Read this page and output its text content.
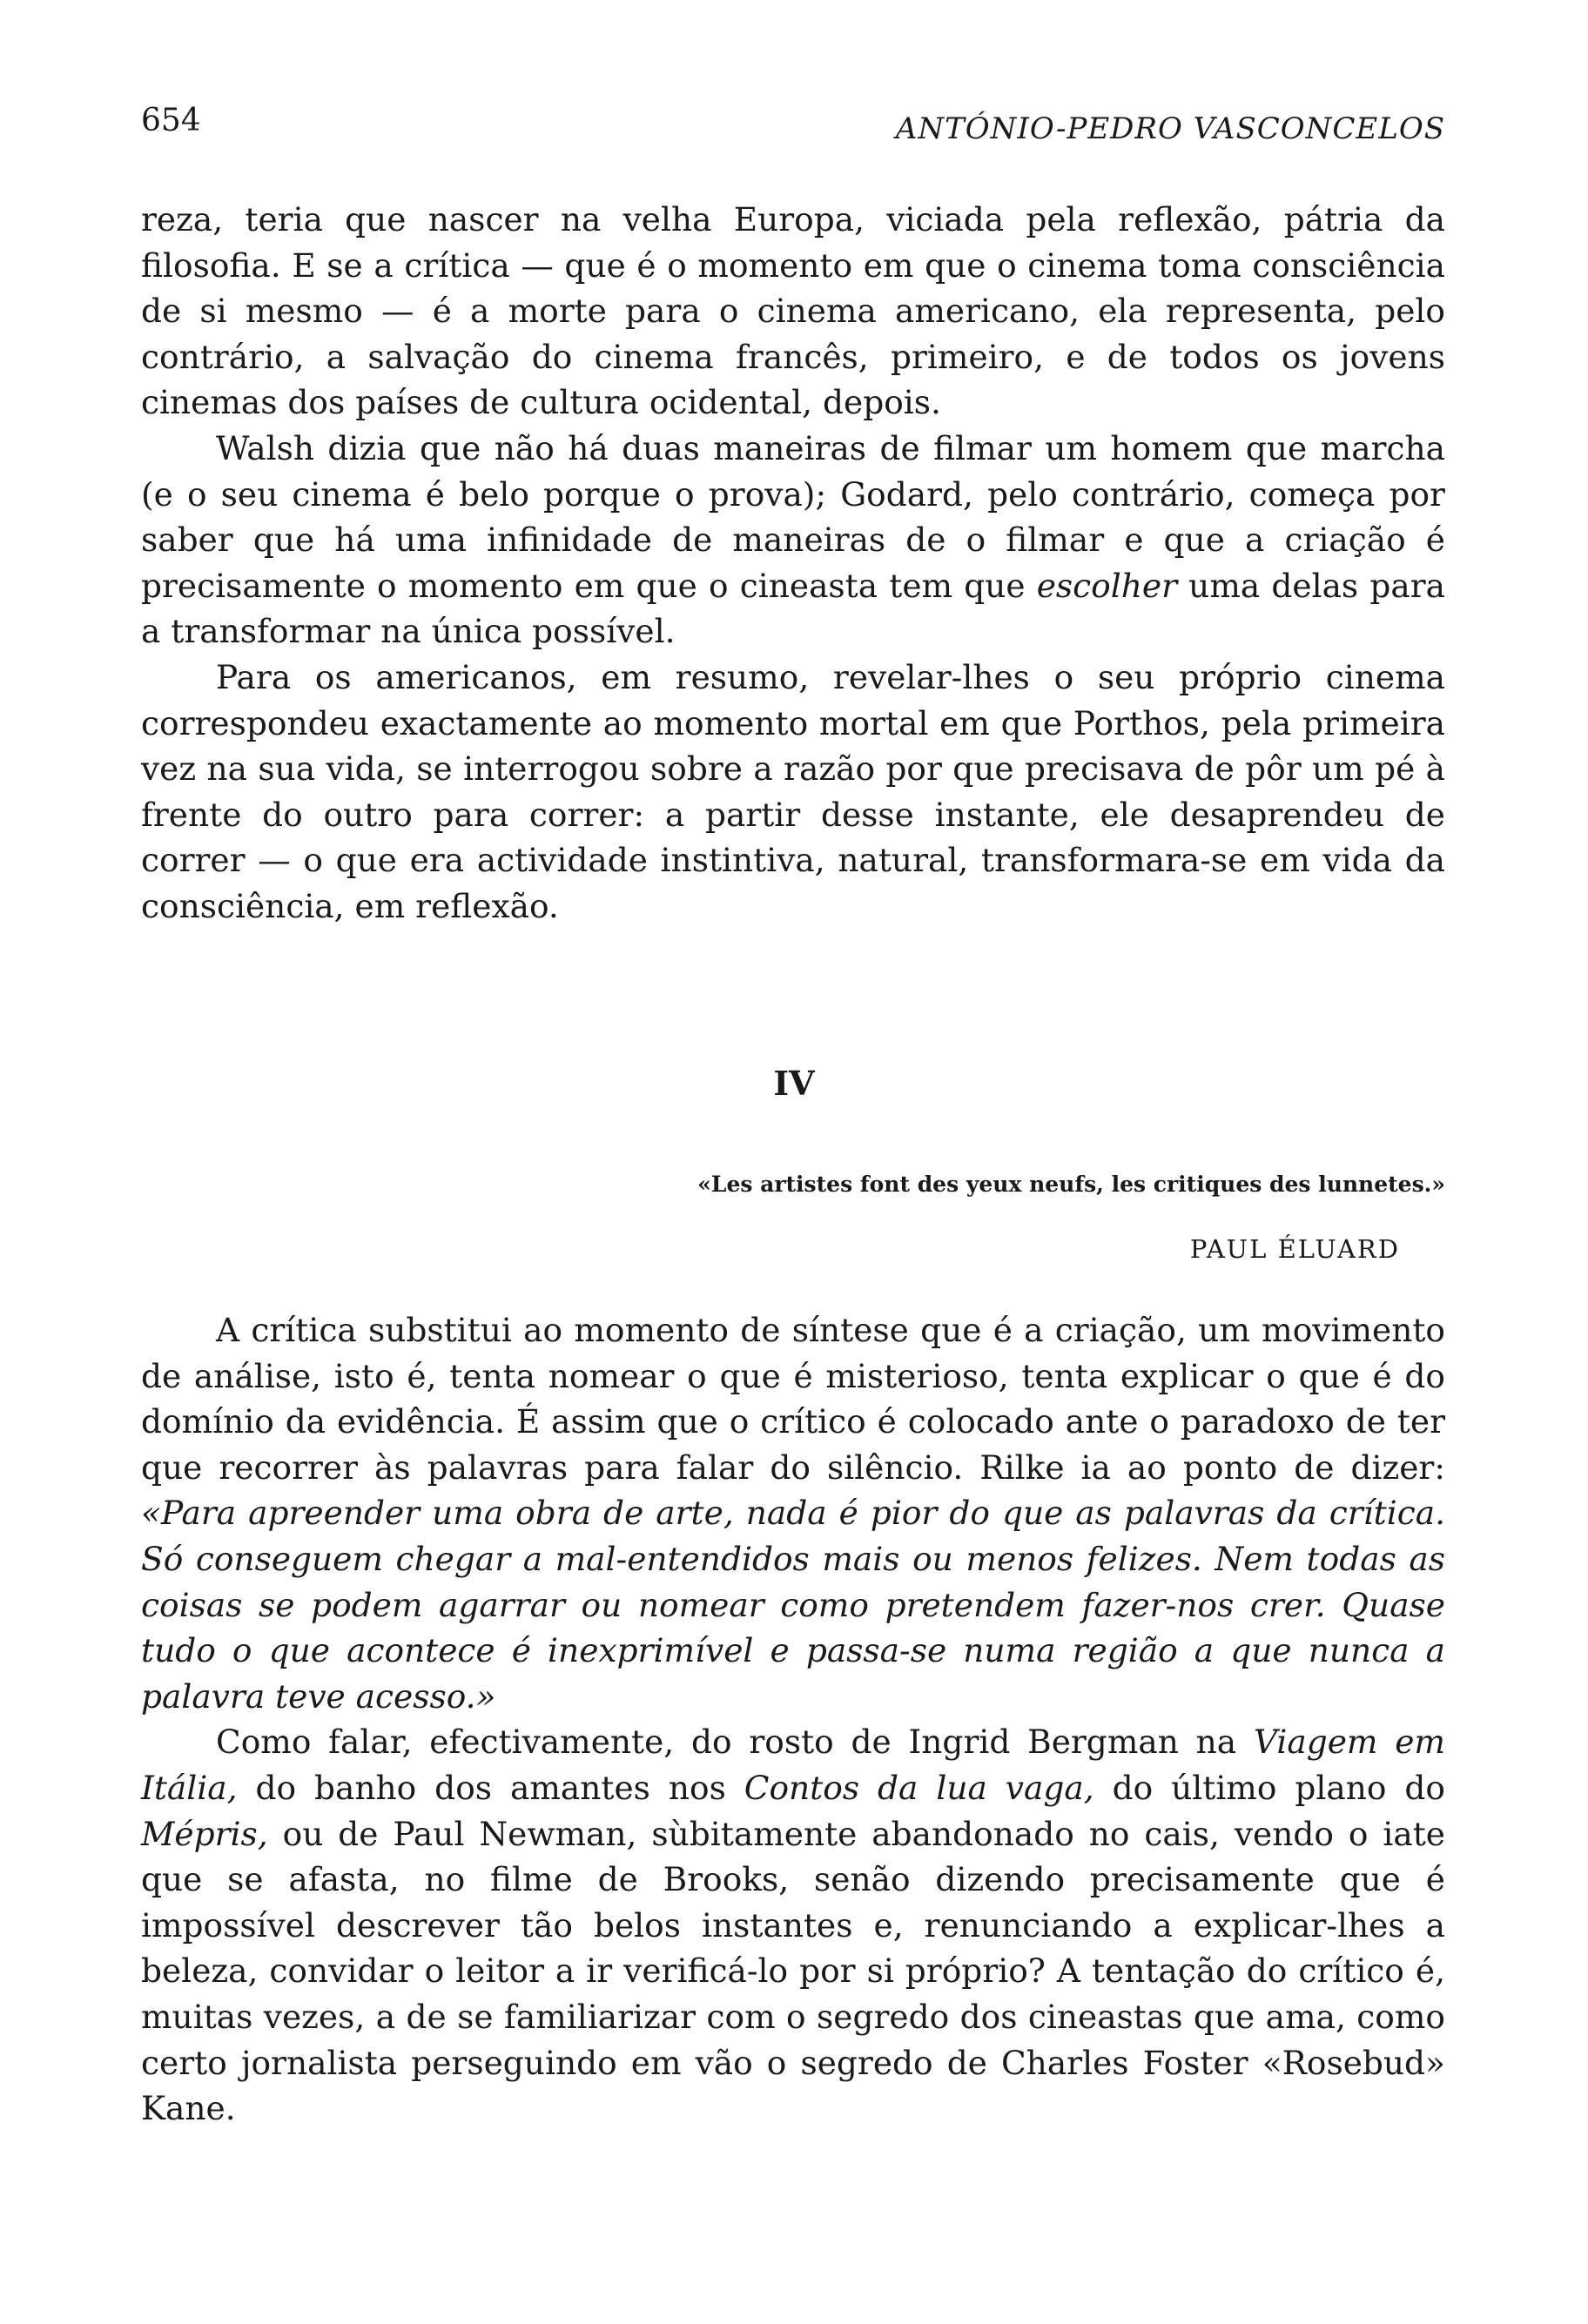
654	ANTÓNIO-PEDRO VASCONCELOS

reza, teria que nascer na velha Europa, viciada pela reflexão, pátria da filosofia. E se a crítica — que é o momento em que o cinema toma consciência de si mesmo — é a morte para o cinema americano, ela representa, pelo contrário, a salvação do cinema francês, primeiro, e de todos os jovens cinemas dos países de cultura ocidental, depois.

Walsh dizia que não há duas maneiras de filmar um homem que marcha (e o seu cinema é belo porque o prova); Godard, pelo contrário, começa por saber que há uma infinidade de maneiras de o filmar e que a criação é precisamente o momento em que o cineasta tem que escolher uma delas para a transformar na única possível.

Para os americanos, em resumo, revelar-lhes o seu próprio cinema correspondeu exactamente ao momento mortal em que Porthos, pela primeira vez na sua vida, se interrogou sobre a razão por que precisava de pôr um pé à frente do outro para correr: a partir desse instante, ele desaprendeu de correr — o que era actividade instintiva, natural, transformara-se em vida da consciência, em reflexão.

IV
«Les artistes font des yeux neufs, les critiques des lunnetes.»
PAUL ÉLUARD

A crítica substitui ao momento de síntese que é a criação, um movimento de análise, isto é, tenta nomear o que é misterioso, tenta explicar o que é do domínio da evidência. É assim que o crítico é colocado ante o paradoxo de ter que recorrer às palavras para falar do silêncio. Rilke ia ao ponto de dizer: «Para apreender uma obra de arte, nada é pior do que as palavras da crítica. Só conseguem chegar a mal-entendidos mais ou menos felizes. Nem todas as coisas se podem agarrar ou nomear como pretendem fazer-nos crer. Quase tudo o que acontece é inexprimível e passa-se numa região a que nunca a palavra teve acesso.»

Como falar, efectivamente, do rosto de Ingrid Bergman na Viagem em Itália, do banho dos amantes nos Contos da lua vaga, do último plano do Mépris, ou de Paul Newman, sùbitamente abandonado no cais, vendo o iate que se afasta, no filme de Brooks, senão dizendo precisamente que é impossível descrever tão belos instantes e, renunciando a explicar-lhes a beleza, convidar o leitor a ir verificá-lo por si próprio? A tentação do crítico é, muitas vezes, a de se familiarizar com o segredo dos cineastas que ama, como certo jornalista perseguindo em vão o segredo de Charles Foster «Rosebud» Kane.
